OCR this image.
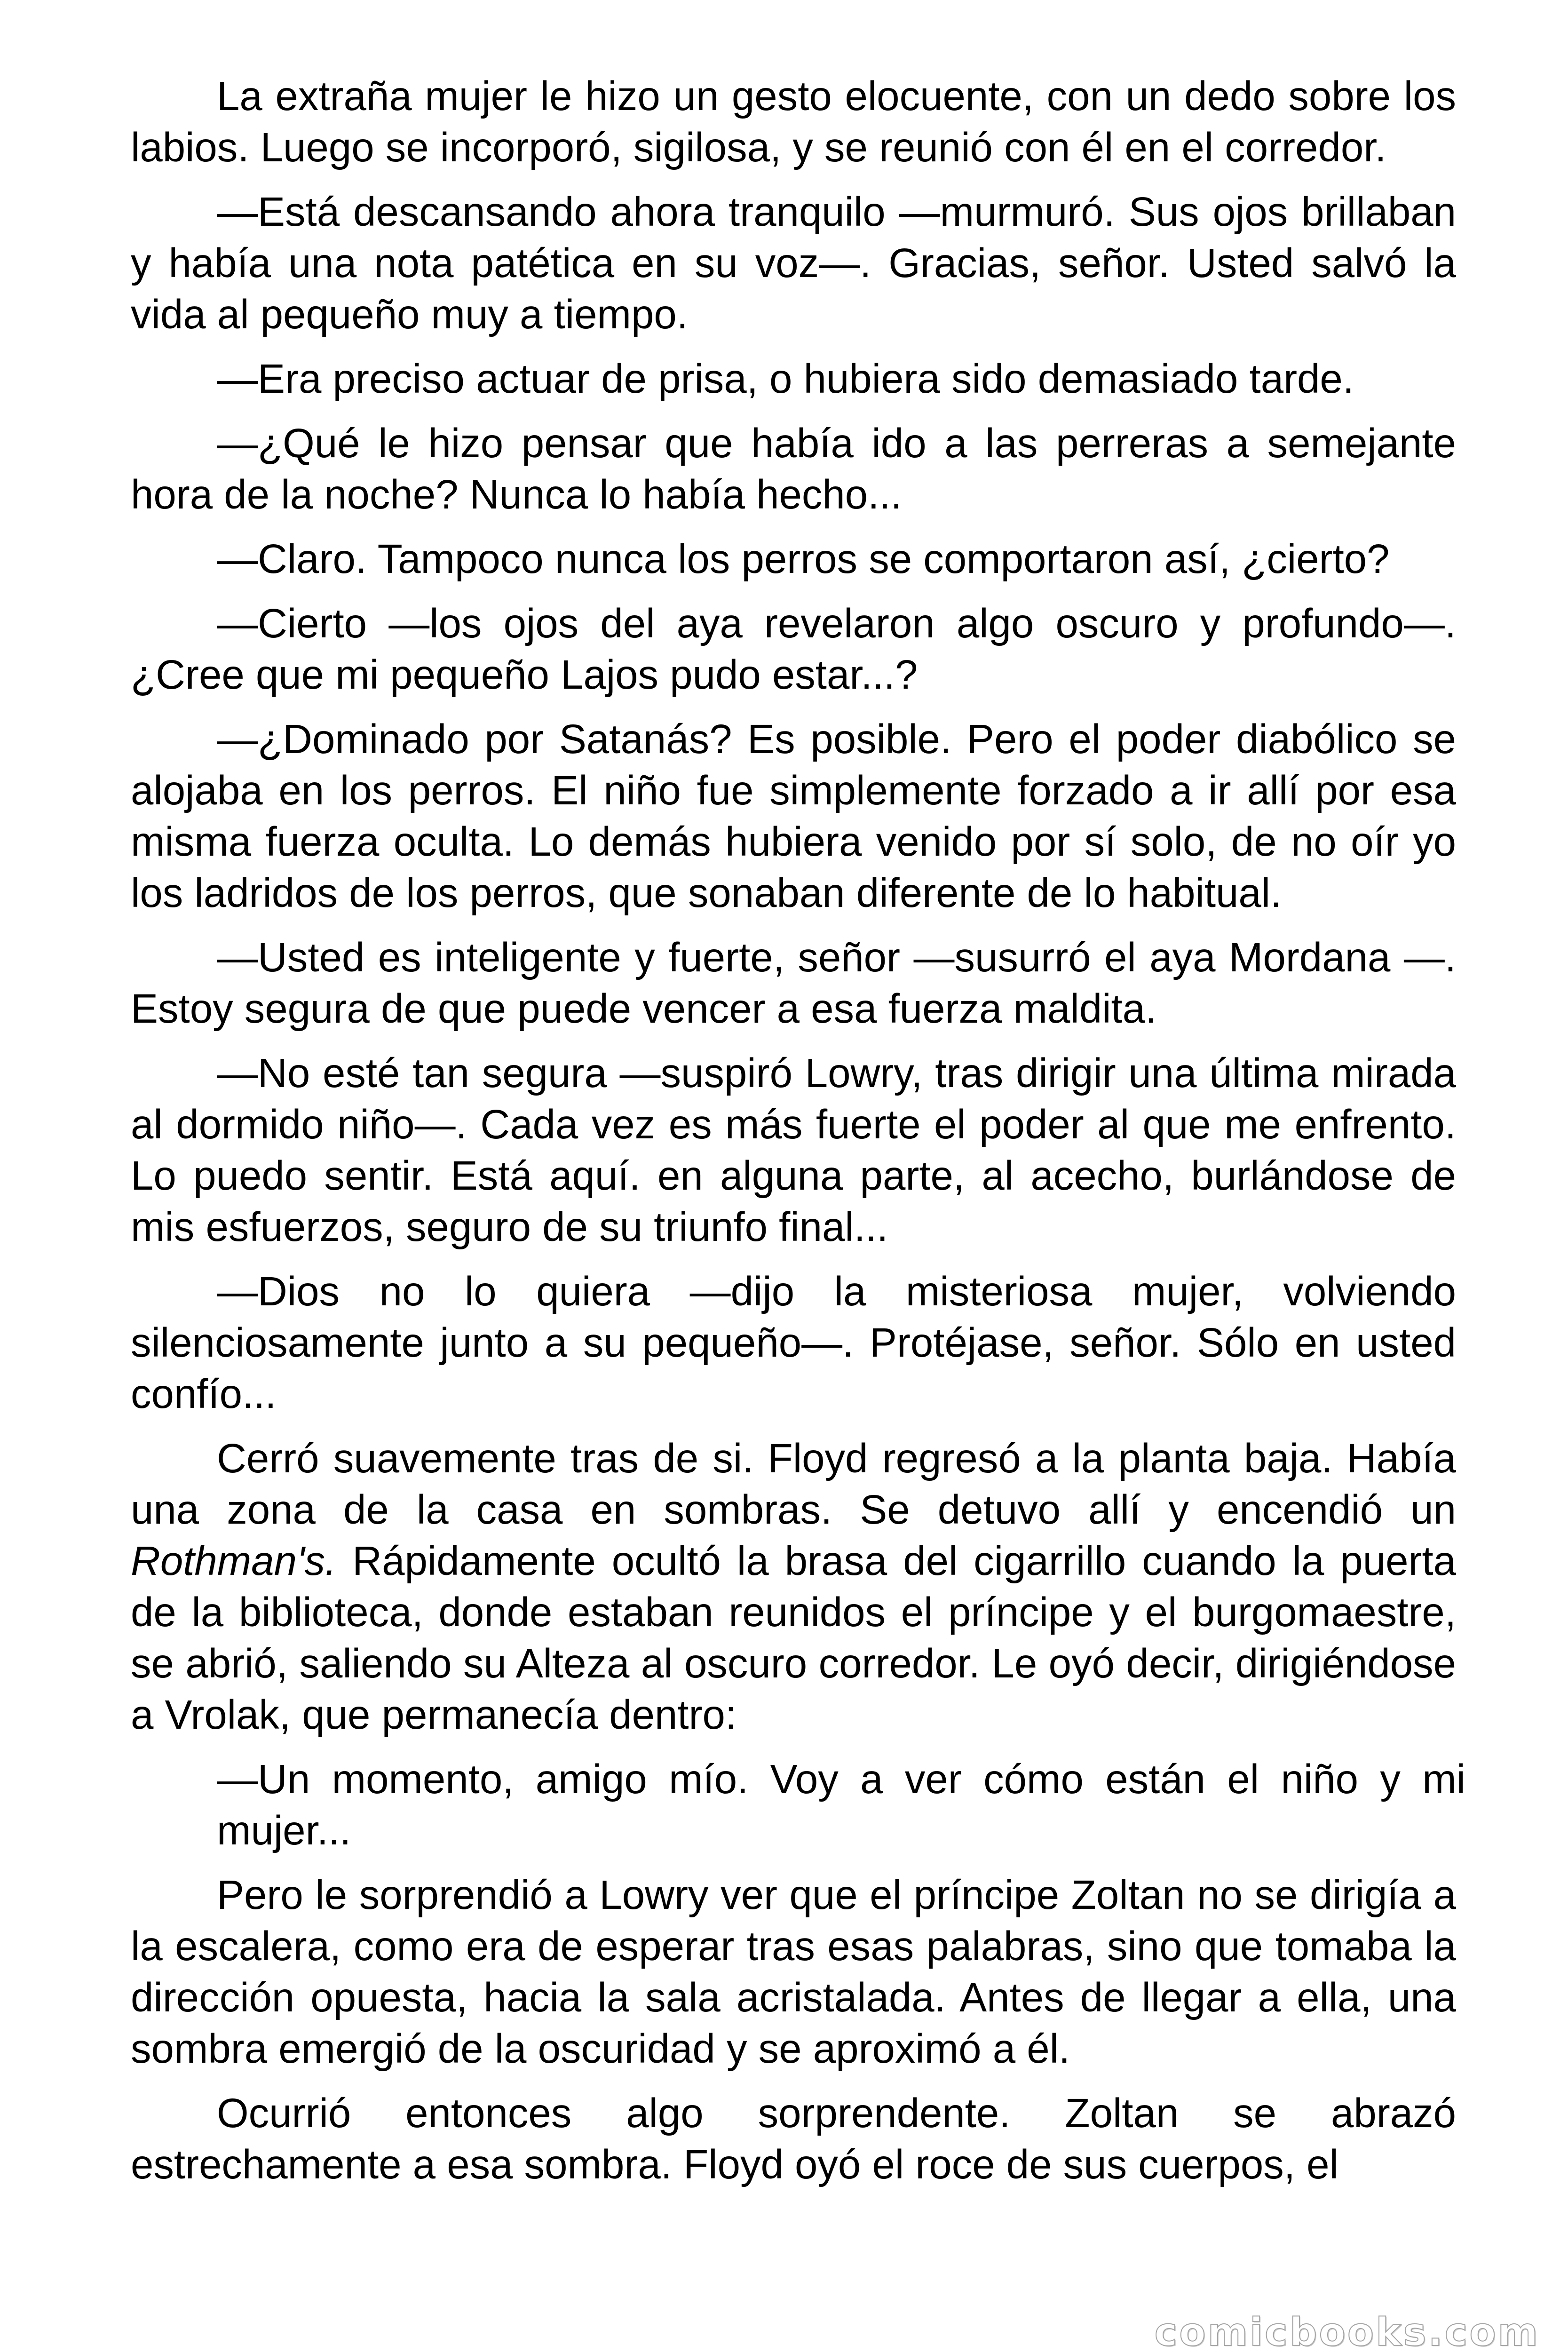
La extraña mujer le hizo un gesto elocuente, con un dedo sobre los labios. Luego se incorporó, sigilosa, y se reunió con él en el corredor.

—Está descansando ahora tranquilo —murmuró. Sus ojos brillaban y había una nota patética en su voz—. Gracias, señor. Usted salvó la vida al pequeño muy a tiempo.

—Era preciso actuar de prisa, o hubiera sido demasiado tarde.

—¿Qué le hizo pensar que había ido a las perreras a semejante hora de la noche? Nunca lo había hecho...

—Claro. Tampoco nunca los perros se comportaron así, ¿cierto?

—Cierto —los ojos del aya revelaron algo oscuro y profundo—. ¿Cree que mi pequeño Lajos pudo estar...?

—¿Dominado por Satanás? Es posible. Pero el poder diabólico se alojaba en los perros. El niño fue simplemente forzado a ir allí por esa misma fuerza oculta. Lo demás hubiera venido por sí solo, de no oír yo los ladridos de los perros, que sonaban diferente de lo habitual.

—Usted es inteligente y fuerte, señor —susurró el aya Mordana —. Estoy segura de que puede vencer a esa fuerza maldita.

—No esté tan segura —suspiró Lowry, tras dirigir una última mirada al dormido niño—. Cada vez es más fuerte el poder al que me enfrento. Lo puedo sentir. Está aquí. en alguna parte, al acecho, burlándose de mis esfuerzos, seguro de su triunfo final...

—Dios no lo quiera —dijo la misteriosa mujer, volviendo silenciosamente junto a su pequeño—. Protéjase, señor. Sólo en usted confío...

Cerró suavemente tras de si. Floyd regresó a la planta baja. Había una zona de la casa en sombras. Se detuvo allí y encendió un Rothman's. Rápidamente ocultó la brasa del cigarrillo cuando la puerta de la biblioteca, donde estaban reunidos el príncipe y el burgomaestre, se abrió, saliendo su Alteza al oscuro corredor. Le oyó decir, dirigiéndose a Vrolak, que permanecía dentro:

—Un momento, amigo mío. Voy a ver cómo están el niño y mi mujer...

Pero le sorprendió a Lowry ver que el príncipe Zoltan no se dirigía a la escalera, como era de esperar tras esas palabras, sino que tomaba la dirección opuesta, hacia la sala acristalada. Antes de llegar a ella, una sombra emergió de la oscuridad y se aproximó a él.

Ocurrió entonces algo sorprendente. Zoltan se abrazó estrechamente a esa sombra. Floyd oyó el roce de sus cuerpos, el

comicbooks.com
